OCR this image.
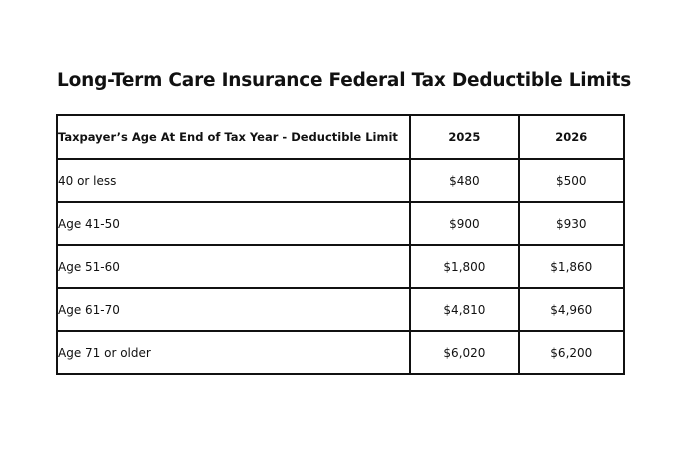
Long-Term Care Insurance Federal Tax Deductible Limits
Taxpayer’s Age At End of Tax Year - Deductible Limit	2025	2026
40 or less	$480	$500
Age 41-50	$900	$930
Age 51-60	$1,800	$1,860
Age 61-70	$4,810	$4,960
Age 71 or older	$6,020	$6,200
